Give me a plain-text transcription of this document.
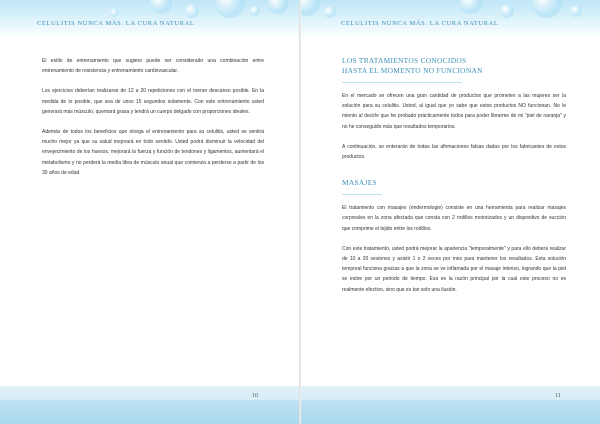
CELULITIS NUNCA MÁS. LA CURA NATURAL

El estilo de entrenamiento que sugiero puede ser considerado una combinación entre entrenamiento de resistencia y entrenamiento cardiovascular.

Los ejercicios deberían realizarse de 12 a 20 repeticiones con el menor descanso posible. En la medida de lo posible, que sea de unos 15 segundos solamente. Con este entrenamiento usted generará más músculo, quemará grasa y tendrá un cuerpo delgado con proporciones ideales.

Además de todos los beneficios que otorga el entrenamiento para su celulitis, usted se sentirá mucho mejor ya que su salud mejorará en todo sentido. Usted podrá disminuir la velocidad del envejecimiento de los huesos, mejorará la fuerza y función de tendones y ligamentos, aumentará el metabolismo y no perderá la media libra de músculo anual que comienza a perderse a partir de los 30 años de edad.

10
CELULITIS NUNCA MÁS. LA CURA NATURAL
LOS TRATAMIENTOS CONOCIDOS
HASTA EL MOMENTO NO FUNCIONAN

En el mercado se ofrecen una gran cantidad de productos que prometen a las mujeres ser la solución para su celulitis. Usted, al igual que yo sabe que estos productos NO funcionan. No le miento al decirle que he probado prácticamente todos para poder librarme de mi "piel de naranja" y no he conseguido más que resultados temporarios.

A continuación, se enterarán de todas las afirmaciones falsas dadas por los fabricantes de estos productos.

MASAJES

El tratamiento con masajes (endermologie) consiste en una herramienta para realizar masajes corporales en la zona afectada que consta con 2 rodillos motorizados y un dispositivo de succión que comprime el tejido entre los rodillos.

Con este tratamiento, usted podrá mejorar la apariencia "temporalmente" y para ello deberá realizar de 10 a 20 sesiones y asistir 1 o 2 veces por mes para mantener los resultados. Esta solución temporal funciona gracias a que la zona se ve inflamada por el masaje intenso, logrando que la piel se estire por un periodo de tiempo. Esa es la razón principal por la cual este proceso no es realmente efectivo, sino que es tan solo una ilusión.

11
